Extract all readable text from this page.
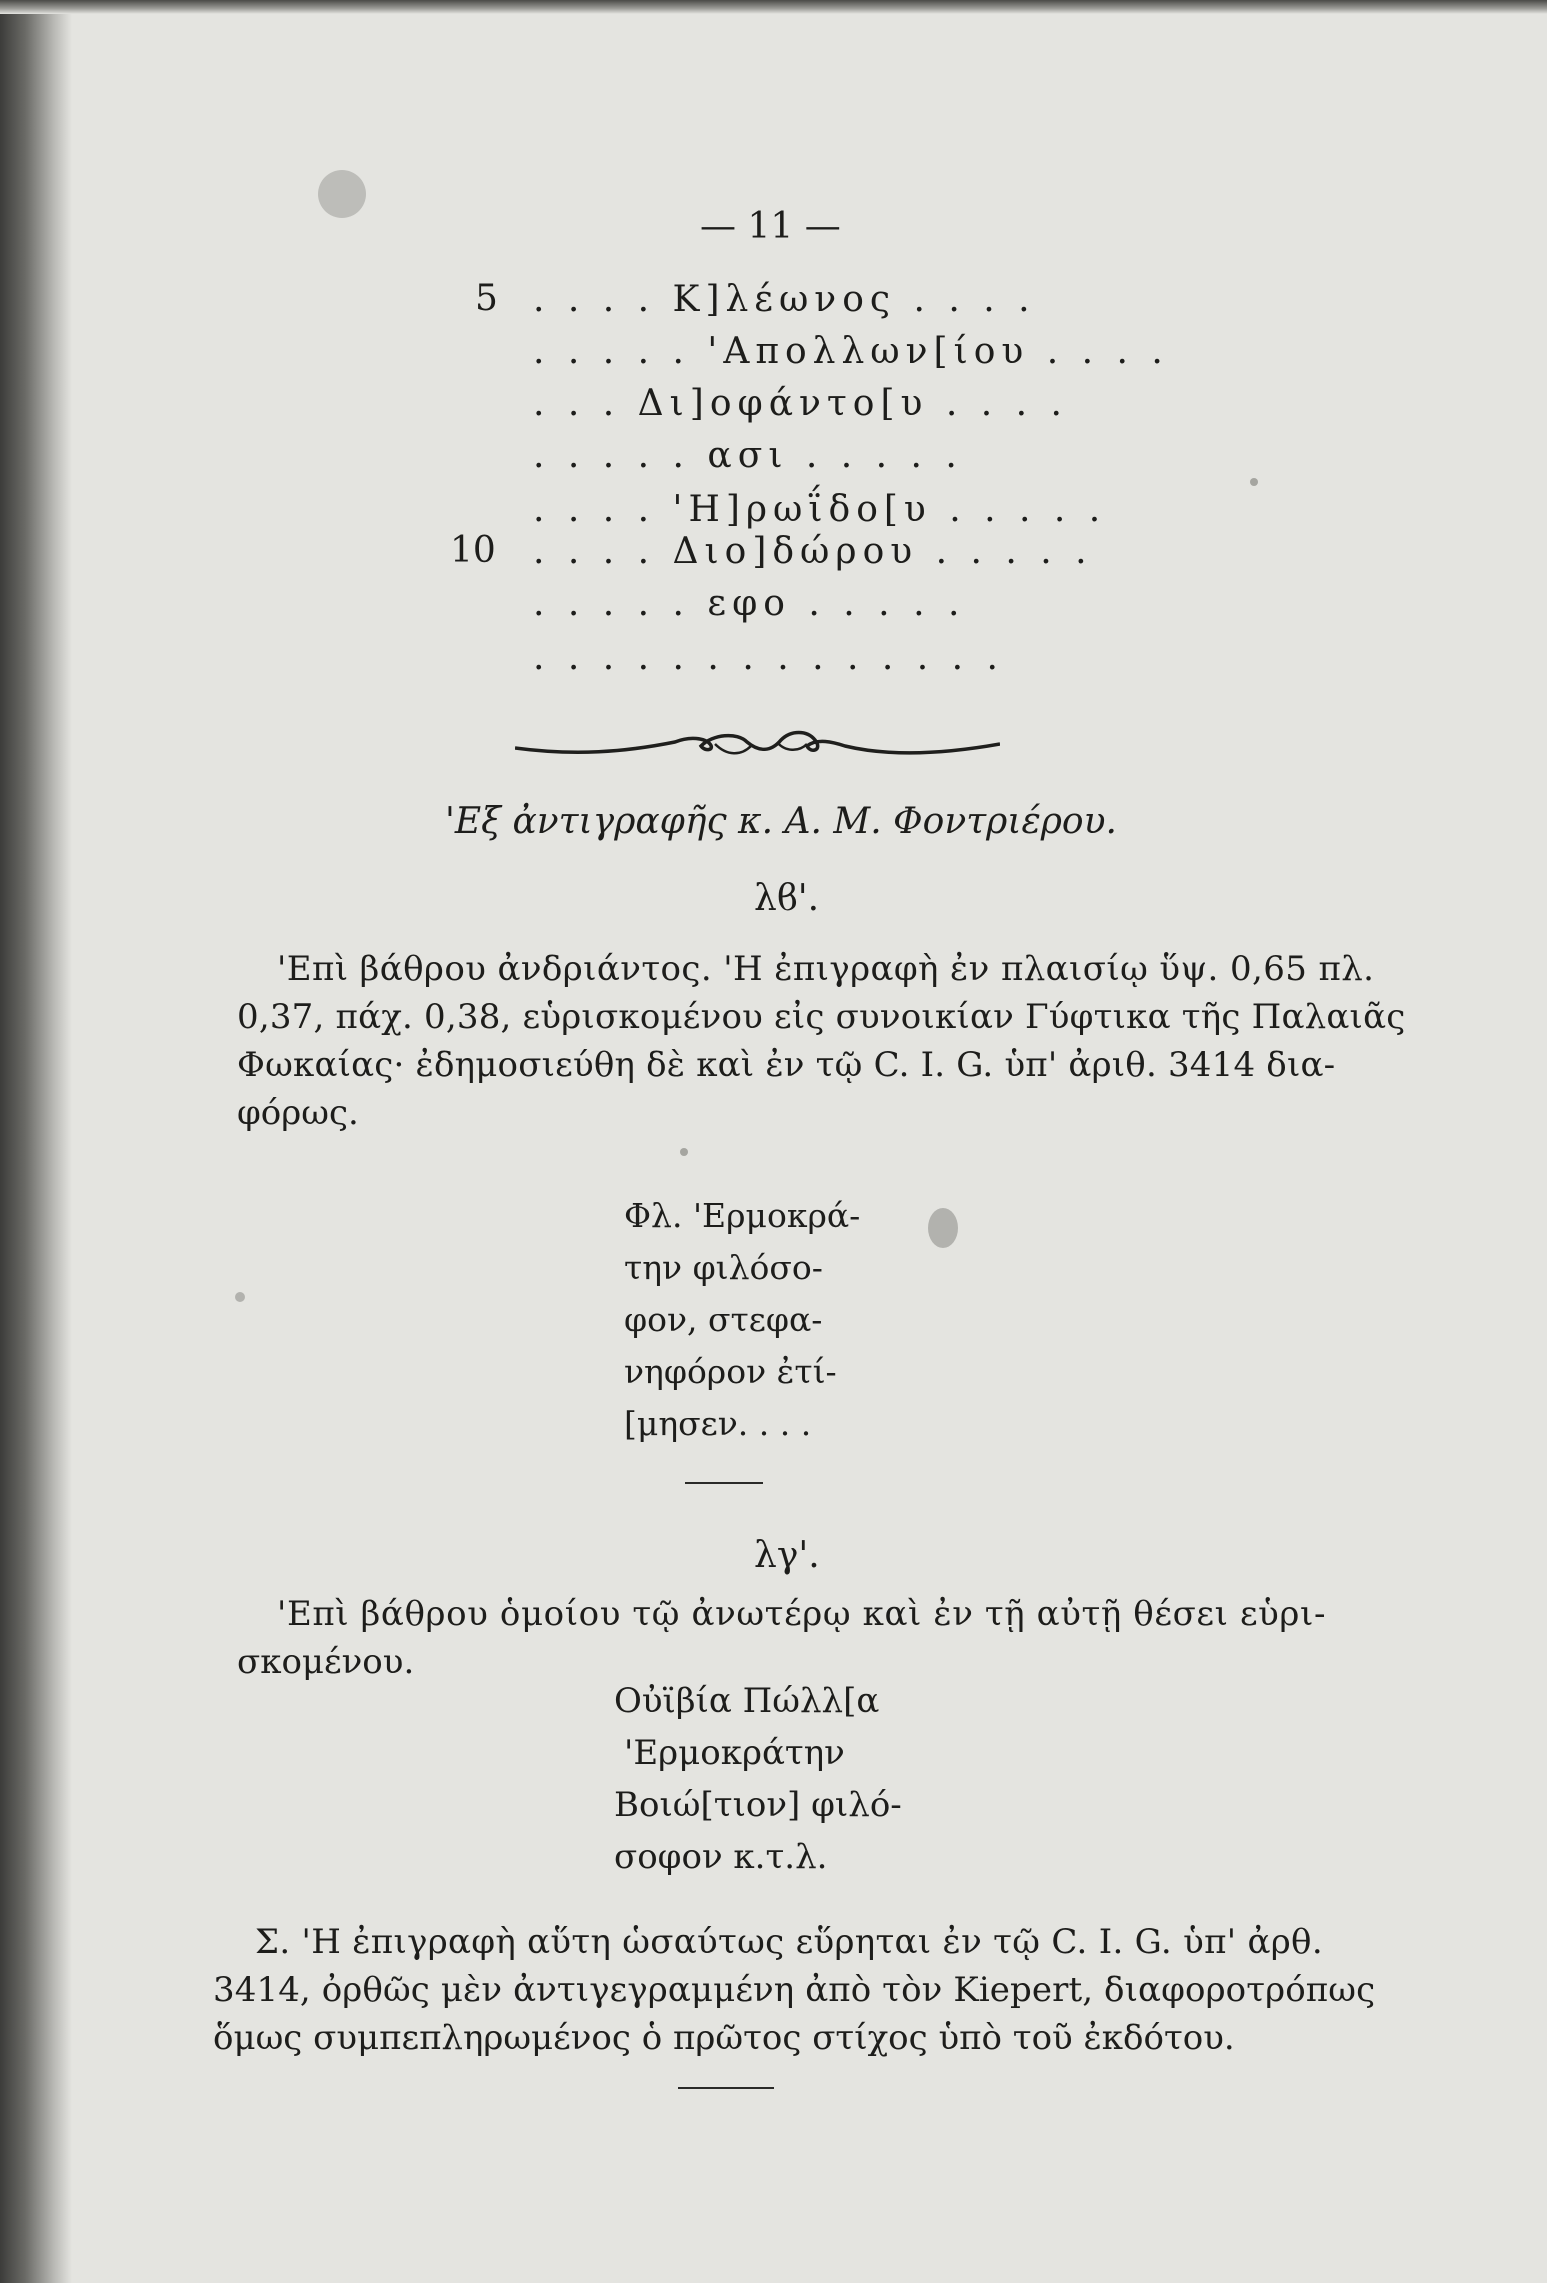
— 11 —
5 . . . . Κ]λέωνος . . . .
. . . . . 'Απολλων[ίου . . . .
. . . Δι]οφάντο[υ . . . .
. . . . . ασι . . . . .
. . . . 'Η]ρωΐδο[υ . . . . .
10 . . . . Διο]δώρου . . . . .
. . . . . εφο . . . . .
. . . . . . . . . . . . . .
'Εξ ἀντιγραφῆς κ. Α. Μ. Φοντριέρου.
λϐ'.
'Επὶ βάθρου ἀνδριάντος. 'Η ἐπιγραφὴ ἐν πλαισίῳ ὕψ. 0,65 πλ.
0,37, πάχ. 0,38, εὑρισκομένου εἰς συνοικίαν Γύφτικα τῆς Παλαιᾶς
Φωκαίας· ἐδημοσιεύθη δὲ καὶ ἐν τῷ C. I. G. ὑπ' ἀριθ. 3414 δια-
φόρως.
Φλ. 'Ερμοκρά-
την φιλόσο-
φον, στεφα-
νηφόρον ἐτί-
[μησεν. . . .
λγ'.
'Επὶ βάθρου ὁμοίου τῷ ἀνωτέρῳ καὶ ἐν τῇ αὐτῇ θέσει εὑρι-
σκομένου.
Οὐϊβία Πώλλ[α
'Ερμοκράτην
Βοιώ[τιον] φιλό-
σοφον κ.τ.λ.
Σ. 'Η ἐπιγραφὴ αὕτη ὡσαύτως εὕρηται ἐν τῷ C. I. G. ὑπ' ἀρθ.
3414, ὀρθῶς μὲν ἀντιγεγραμμένη ἀπὸ τὸν Kiepert, διαφοροτρόπως
ὅμως συμπεπληρωμένος ὁ πρῶτος στίχος ὑπὸ τοῦ ἐκδότου.
